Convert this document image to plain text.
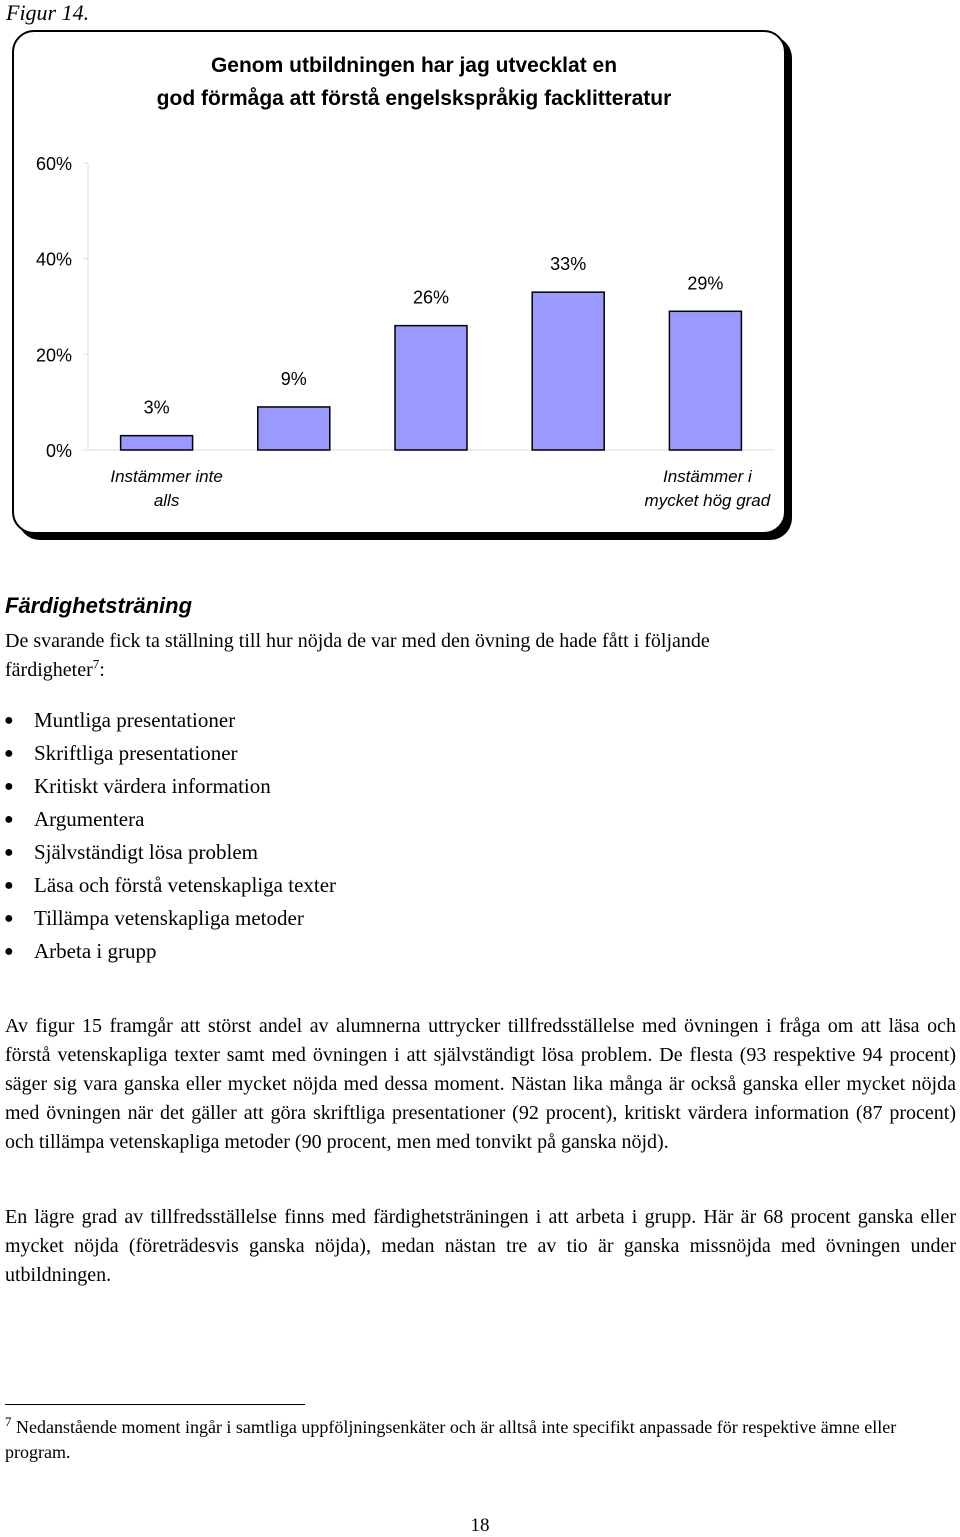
Figur 14.
Genom utbildningen har jag utvecklat en
god förmåga att förstå engelskspråkig facklitteratur
0%
20%
40%
60%
3%
9%
26%
33%
29%
Instämmer inte
alls
Instämmer i
mycket hög grad
Färdighetsträning

De svarande fick ta ställning till hur nöjda de var med den övning de hade fått i följande
färdigheter$^7$:

● Muntliga presentationer
● Skriftliga presentationer
● Kritiskt värdera information
● Argumentera
● Självständigt lösa problem
● Läsa och förstå vetenskapliga texter
● Tillämpa vetenskapliga metoder
● Arbeta i grupp

Av figur 15 framgår att störst andel av alumnerna uttrycker tillfredsställelse med övningen i fråga om att läsa och förstå vetenskapliga texter samt med övningen i att självständigt lösa problem. De flesta (93 respektive 94 procent) säger sig vara ganska eller mycket nöjda med dessa moment. Nästan lika många är också ganska eller mycket nöjda med övningen när det gäller att göra skriftliga presentationer (92 procent), kritiskt värdera information (87 procent) och tillämpa vetenskapliga metoder (90 procent, men med tonvikt på ganska nöjd).

En lägre grad av tillfredsställelse finns med färdighetsträningen i att arbeta i grupp. Här är 68 procent ganska eller mycket nöjda (företrädesvis ganska nöjda), medan nästan tre av tio är ganska missnöjda med övningen under utbildningen.

$^7$ Nedanstående moment ingår i samtliga uppföljningsenkäter och är alltså inte specifikt anpassade för respektive ämne eller program.

18
